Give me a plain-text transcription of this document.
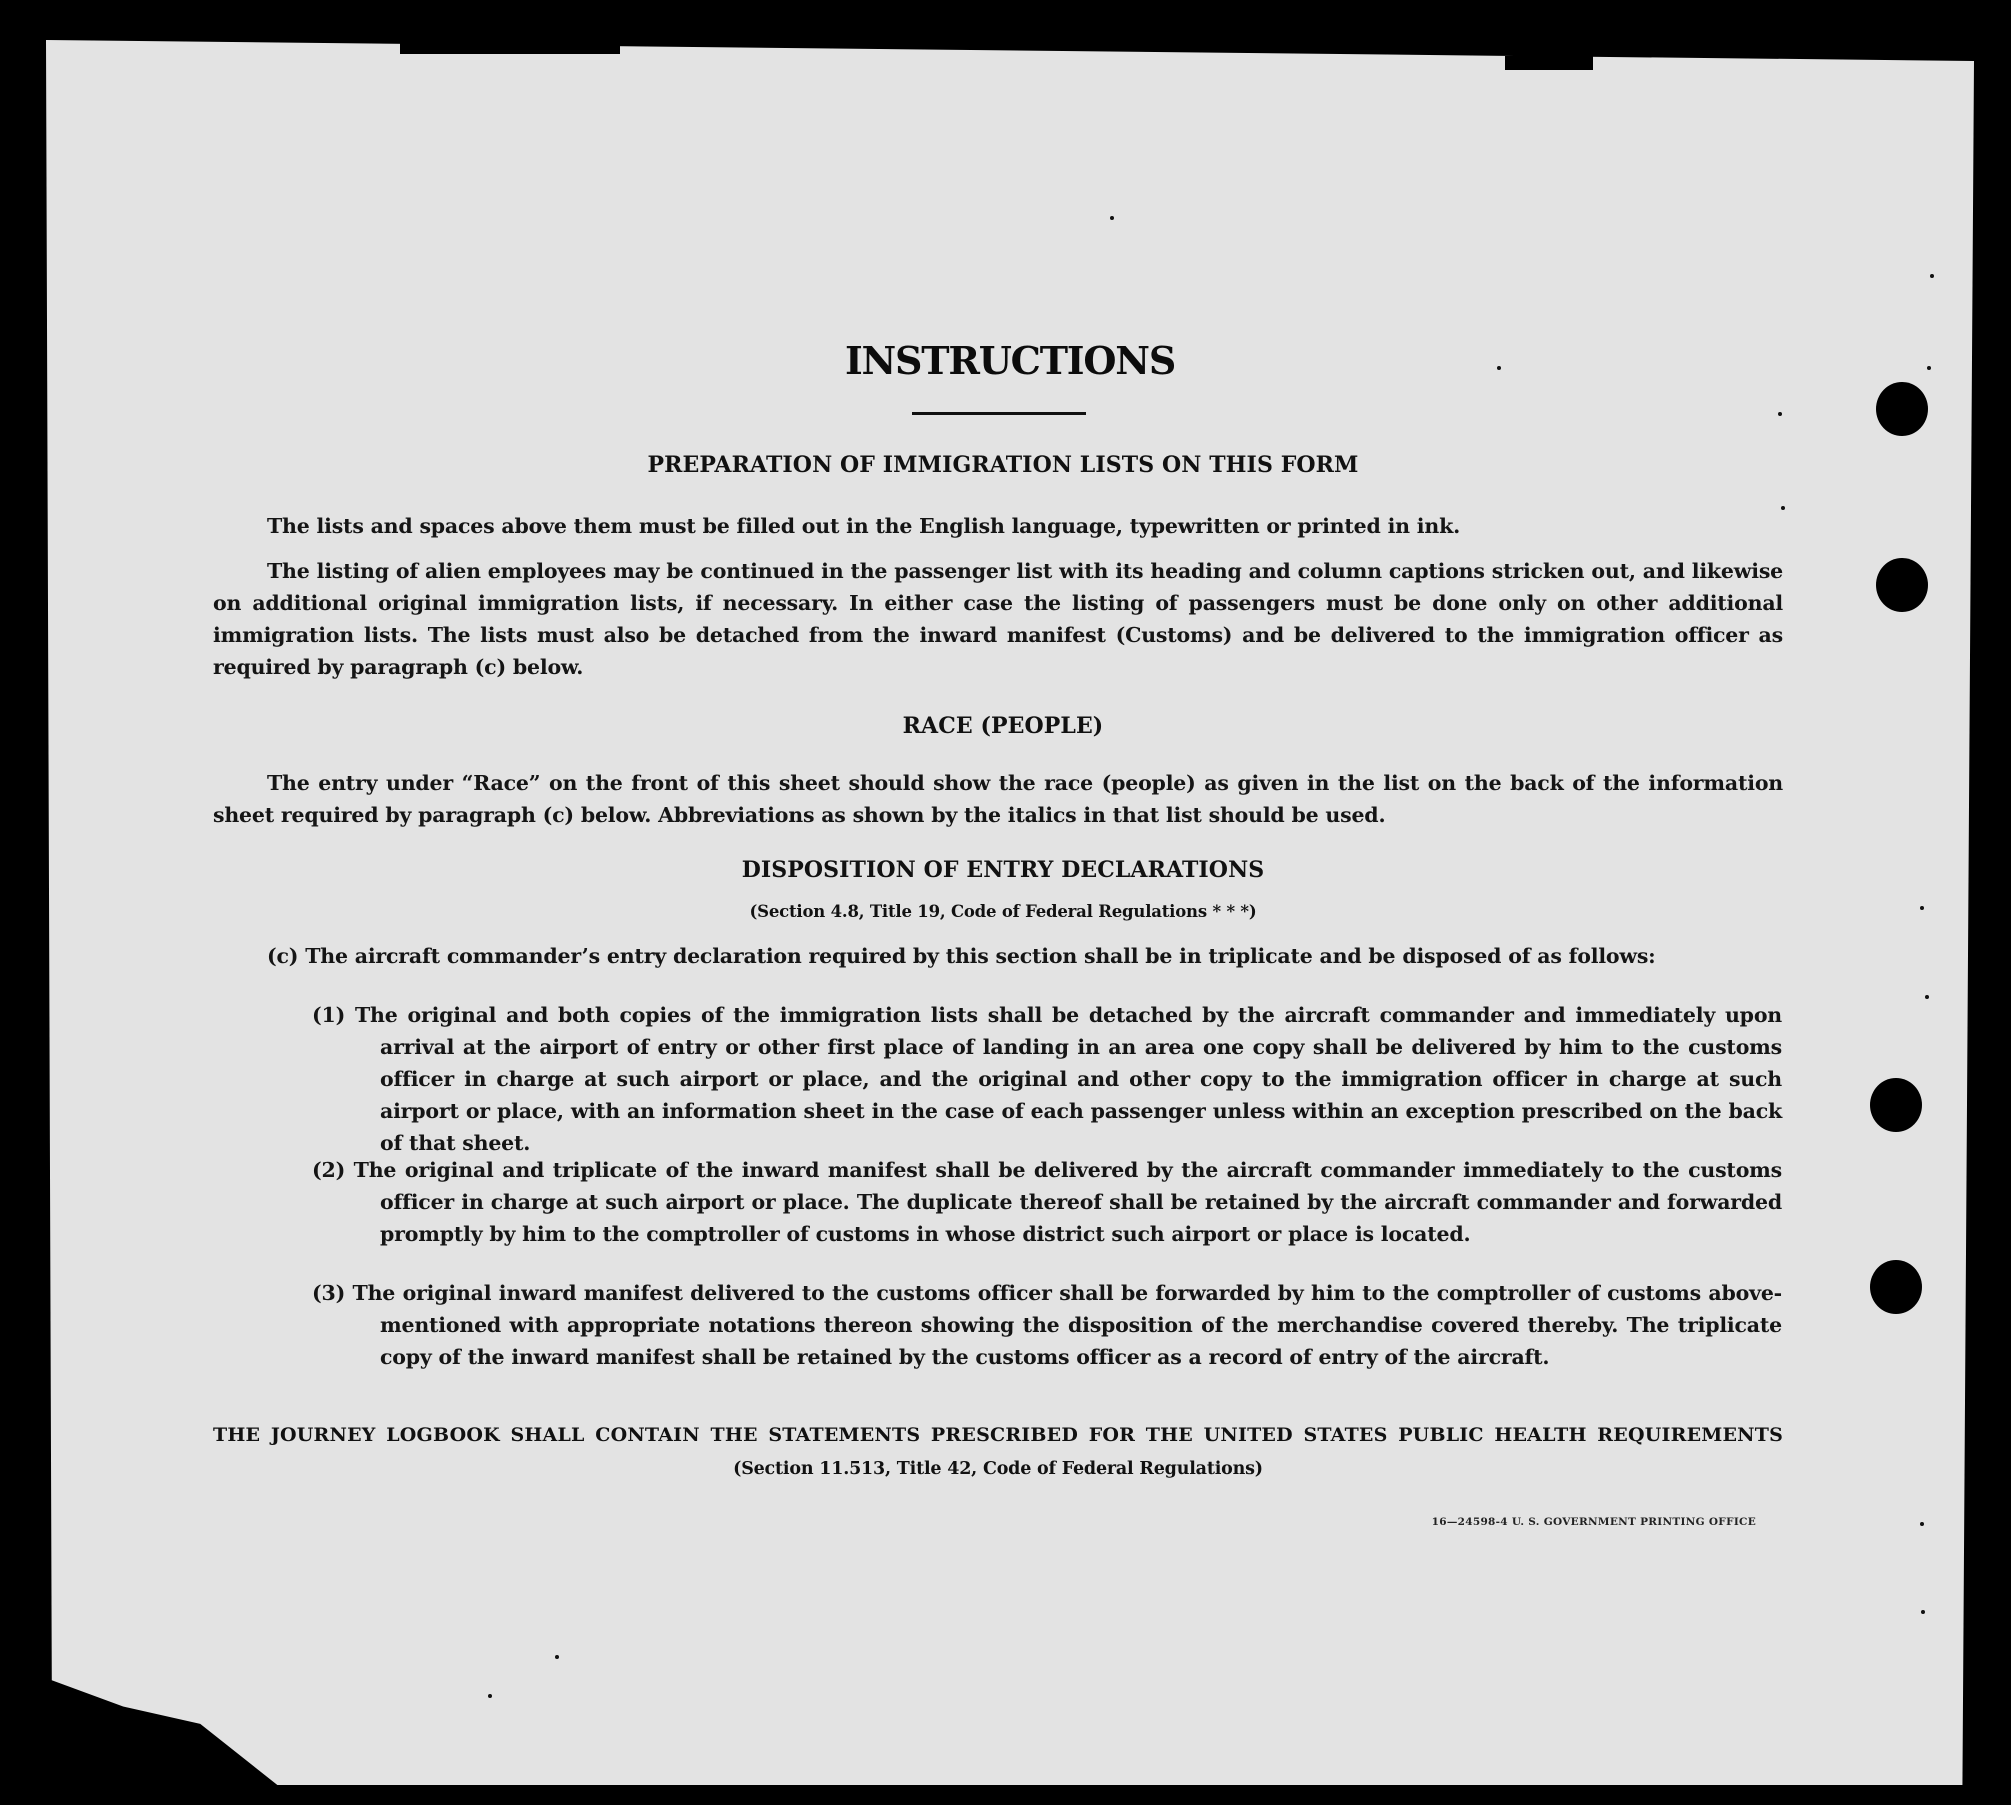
INSTRUCTIONS
PREPARATION OF IMMIGRATION LISTS ON THIS FORM
The lists and spaces above them must be filled out in the English language, typewritten or printed in ink.
The listing of alien employees may be continued in the passenger list with its heading and column captions stricken out, and likewise on additional original immigration lists, if necessary. In either case the listing of passengers must be done only on other additional immigration lists. The lists must also be detached from the inward manifest (Customs) and be delivered to the immigration officer as required by paragraph (c) below.
RACE (PEOPLE)
The entry under “Race” on the front of this sheet should show the race (people) as given in the list on the back of the information sheet required by paragraph (c) below. Abbreviations as shown by the italics in that list should be used.
DISPOSITION OF ENTRY DECLARATIONS
(Section 4.8, Title 19, Code of Federal Regulations * * *)
(c) The aircraft commander’s entry declaration required by this section shall be in triplicate and be disposed of as follows:
(1) The original and both copies of the immigration lists shall be detached by the aircraft commander and immediately upon arrival at the airport of entry or other first place of landing in an area one copy shall be delivered by him to the customs officer in charge at such airport or place, and the original and other copy to the immigration officer in charge at such airport or place, with an information sheet in the case of each passenger unless within an exception prescribed on the back of that sheet.
(2) The original and triplicate of the inward manifest shall be delivered by the aircraft commander immediately to the customs officer in charge at such airport or place. The duplicate thereof shall be retained by the aircraft commander and forwarded promptly by him to the comptroller of customs in whose district such airport or place is located.
(3) The original inward manifest delivered to the customs officer shall be forwarded by him to the comptroller of customs above-mentioned with appropriate notations thereon showing the disposition of the merchandise covered thereby. The triplicate copy of the inward manifest shall be retained by the customs officer as a record of entry of the aircraft.
THE JOURNEY LOGBOOK SHALL CONTAIN THE STATEMENTS PRESCRIBED FOR THE UNITED STATES PUBLIC HEALTH REQUIREMENTS
(Section 11.513, Title 42, Code of Federal Regulations)
16—24598-4 U. S. GOVERNMENT PRINTING OFFICE
